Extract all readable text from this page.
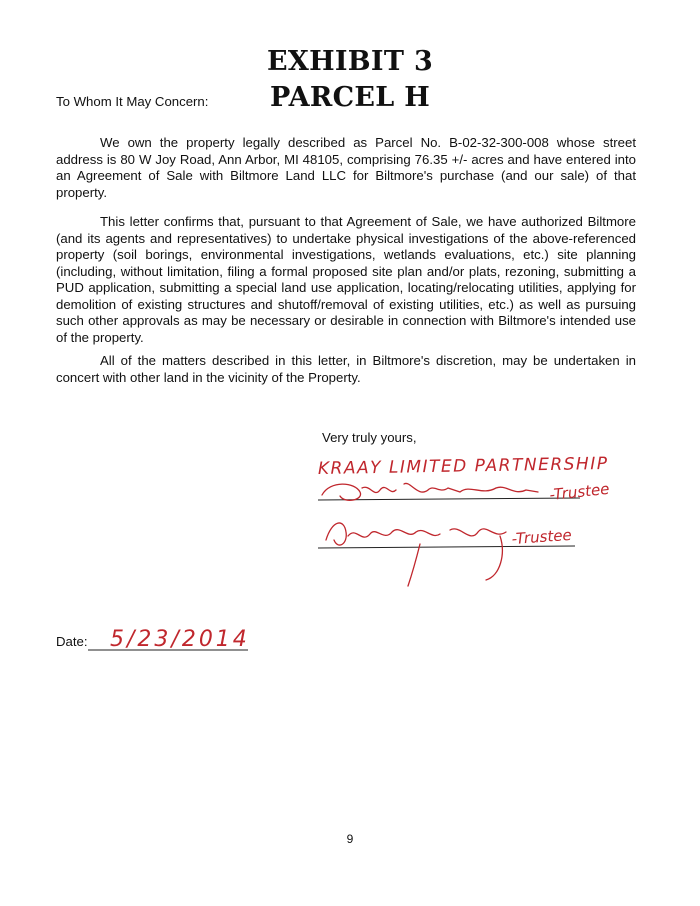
EXHIBIT 3
PARCEL H
To Whom It May Concern:

We own the property legally described as Parcel No. B-02-32-300-008 whose street address is 80 W Joy Road, Ann Arbor, MI 48105, comprising 76.35 +/- acres and have entered into an Agreement of Sale with Biltmore Land LLC for Biltmore's purchase (and our sale) of that property.

This letter confirms that, pursuant to that Agreement of Sale, we have authorized Biltmore (and its agents and representatives) to undertake physical investigations of the above-referenced property (soil borings, environmental investigations, wetlands evaluations, etc.) site planning (including, without limitation, filing a formal proposed site plan and/or plats, rezoning, submitting a PUD application, submitting a special land use application, locating/relocating utilities, applying for demolition of existing structures and shutoff/removal of existing utilities, etc.) as well as pursuing such other approvals as may be necessary or desirable in connection with Biltmore's intended use of the property.

All of the matters described in this letter, in Biltmore's discretion, may be undertaken in concert with other land in the vicinity of the Property.

Very truly yours,
KRAAY LIMITED PARTNERSHIP
-Trustee
-Trustee
Date: 5/23/2014
9
